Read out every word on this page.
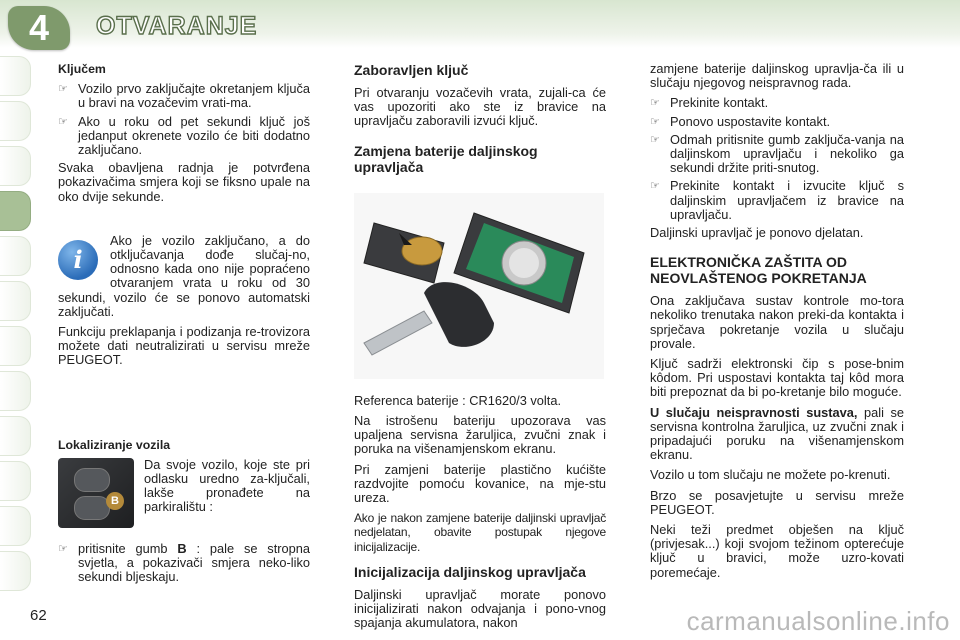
4 OTVARANJE
Ključem
☞ Vozilo prvo zaključajte okretanjem ključa u bravi na vozačevim vrati-ma.
☞ Ako u roku od pet sekundi ključ još jedanput okrenete vozilo će biti dodatno zaključano.

Svaka obavljena radnja je potvrđena pokazivačima smjera koji se fiksno upale na oko dvije sekunde.

i

Ako je vozilo zaključano, a do otključavanja dođe slučaj-no, odnosno kada ono nije popraćeno otvaranjem vrata u roku od 30 sekundi, vozilo će se ponovo automatski zaključati.

Funkciju preklapanja i podizanja re-trovizora možete dati neutralizirati u servisu mreže PEUGEOT.

Lokaliziranje vozila
B

Da svoje vozilo, koje ste pri odlasku uredno za-ključali, lakše pronađete na parkiralištu :

☞ pritisnite gumb B : pale se stropna svjetla, a pokazivači smjera neko-liko sekundi bljeskaju.
Zaboravljen ključ

Pri otvaranju vozačevih vrata, zujali-ca će vas upozoriti ako ste iz bravice na upravljaču zaboravili izvući ključ.

Zamjena baterije daljinskog upravljača

Referenca baterije : CR1620/3 volta.

Na istrošenu bateriju upozorava vas upaljena servisna žaruljica, zvučni znak i poruka na višenamjenskom ekranu.

Pri zamjeni baterije plastično kućište razdvojite pomoću kovanice, na mje-stu ureza.

Ako je nakon zamjene baterije daljinski upravljač nedjelatan, obavite postupak njegove inicijalizacije.

Inicijalizacija daljinskog upravljača

Daljinski upravljač morate ponovo inicijalizirati nakon odvajanja i pono-vnog spajanja akumulatora, nakon

zamjene baterije daljinskog upravlja-ča ili u slučaju njegovog neispravnog rada.

☞ Prekinite kontakt.
☞ Ponovo uspostavite kontakt.
☞ Odmah pritisnite gumb zaključa-vanja na daljinskom upravljaču i nekoliko ga sekundi držite priti-snutog.
☞ Prekinite kontakt i izvucite ključ s daljinskim upravljačem iz bravice na upravljaču.

Daljinski upravljač je ponovo djelatan.

ELEKTRONIČKA ZAŠTITA OD NEOVLAŠTENOG POKRETANJA

Ona zaključava sustav kontrole mo-tora nekoliko trenutaka nakon preki-da kontakta i sprječava pokretanje vozila u slučaju provale.

Ključ sadrži elektronski čip s pose-bnim kôdom. Pri uspostavi kontakta taj kôd mora biti prepoznat da bi po-kretanje bilo moguće.

U slučaju neispravnosti sustava, pali se servisna kontrolna žaruljica, uz zvučni znak i pripadajući poruku na višenamjenskom ekranu.

Vozilo u tom slučaju ne možete po-krenuti.

Brzo se posavjetujte u servisu mreže PEUGEOT.

Neki teži predmet obješen na ključ (privjesak...) koji svojom težinom opterećuje ključ u bravici, može uzro-kovati poremećaje.

62	carmanualsonline.info
